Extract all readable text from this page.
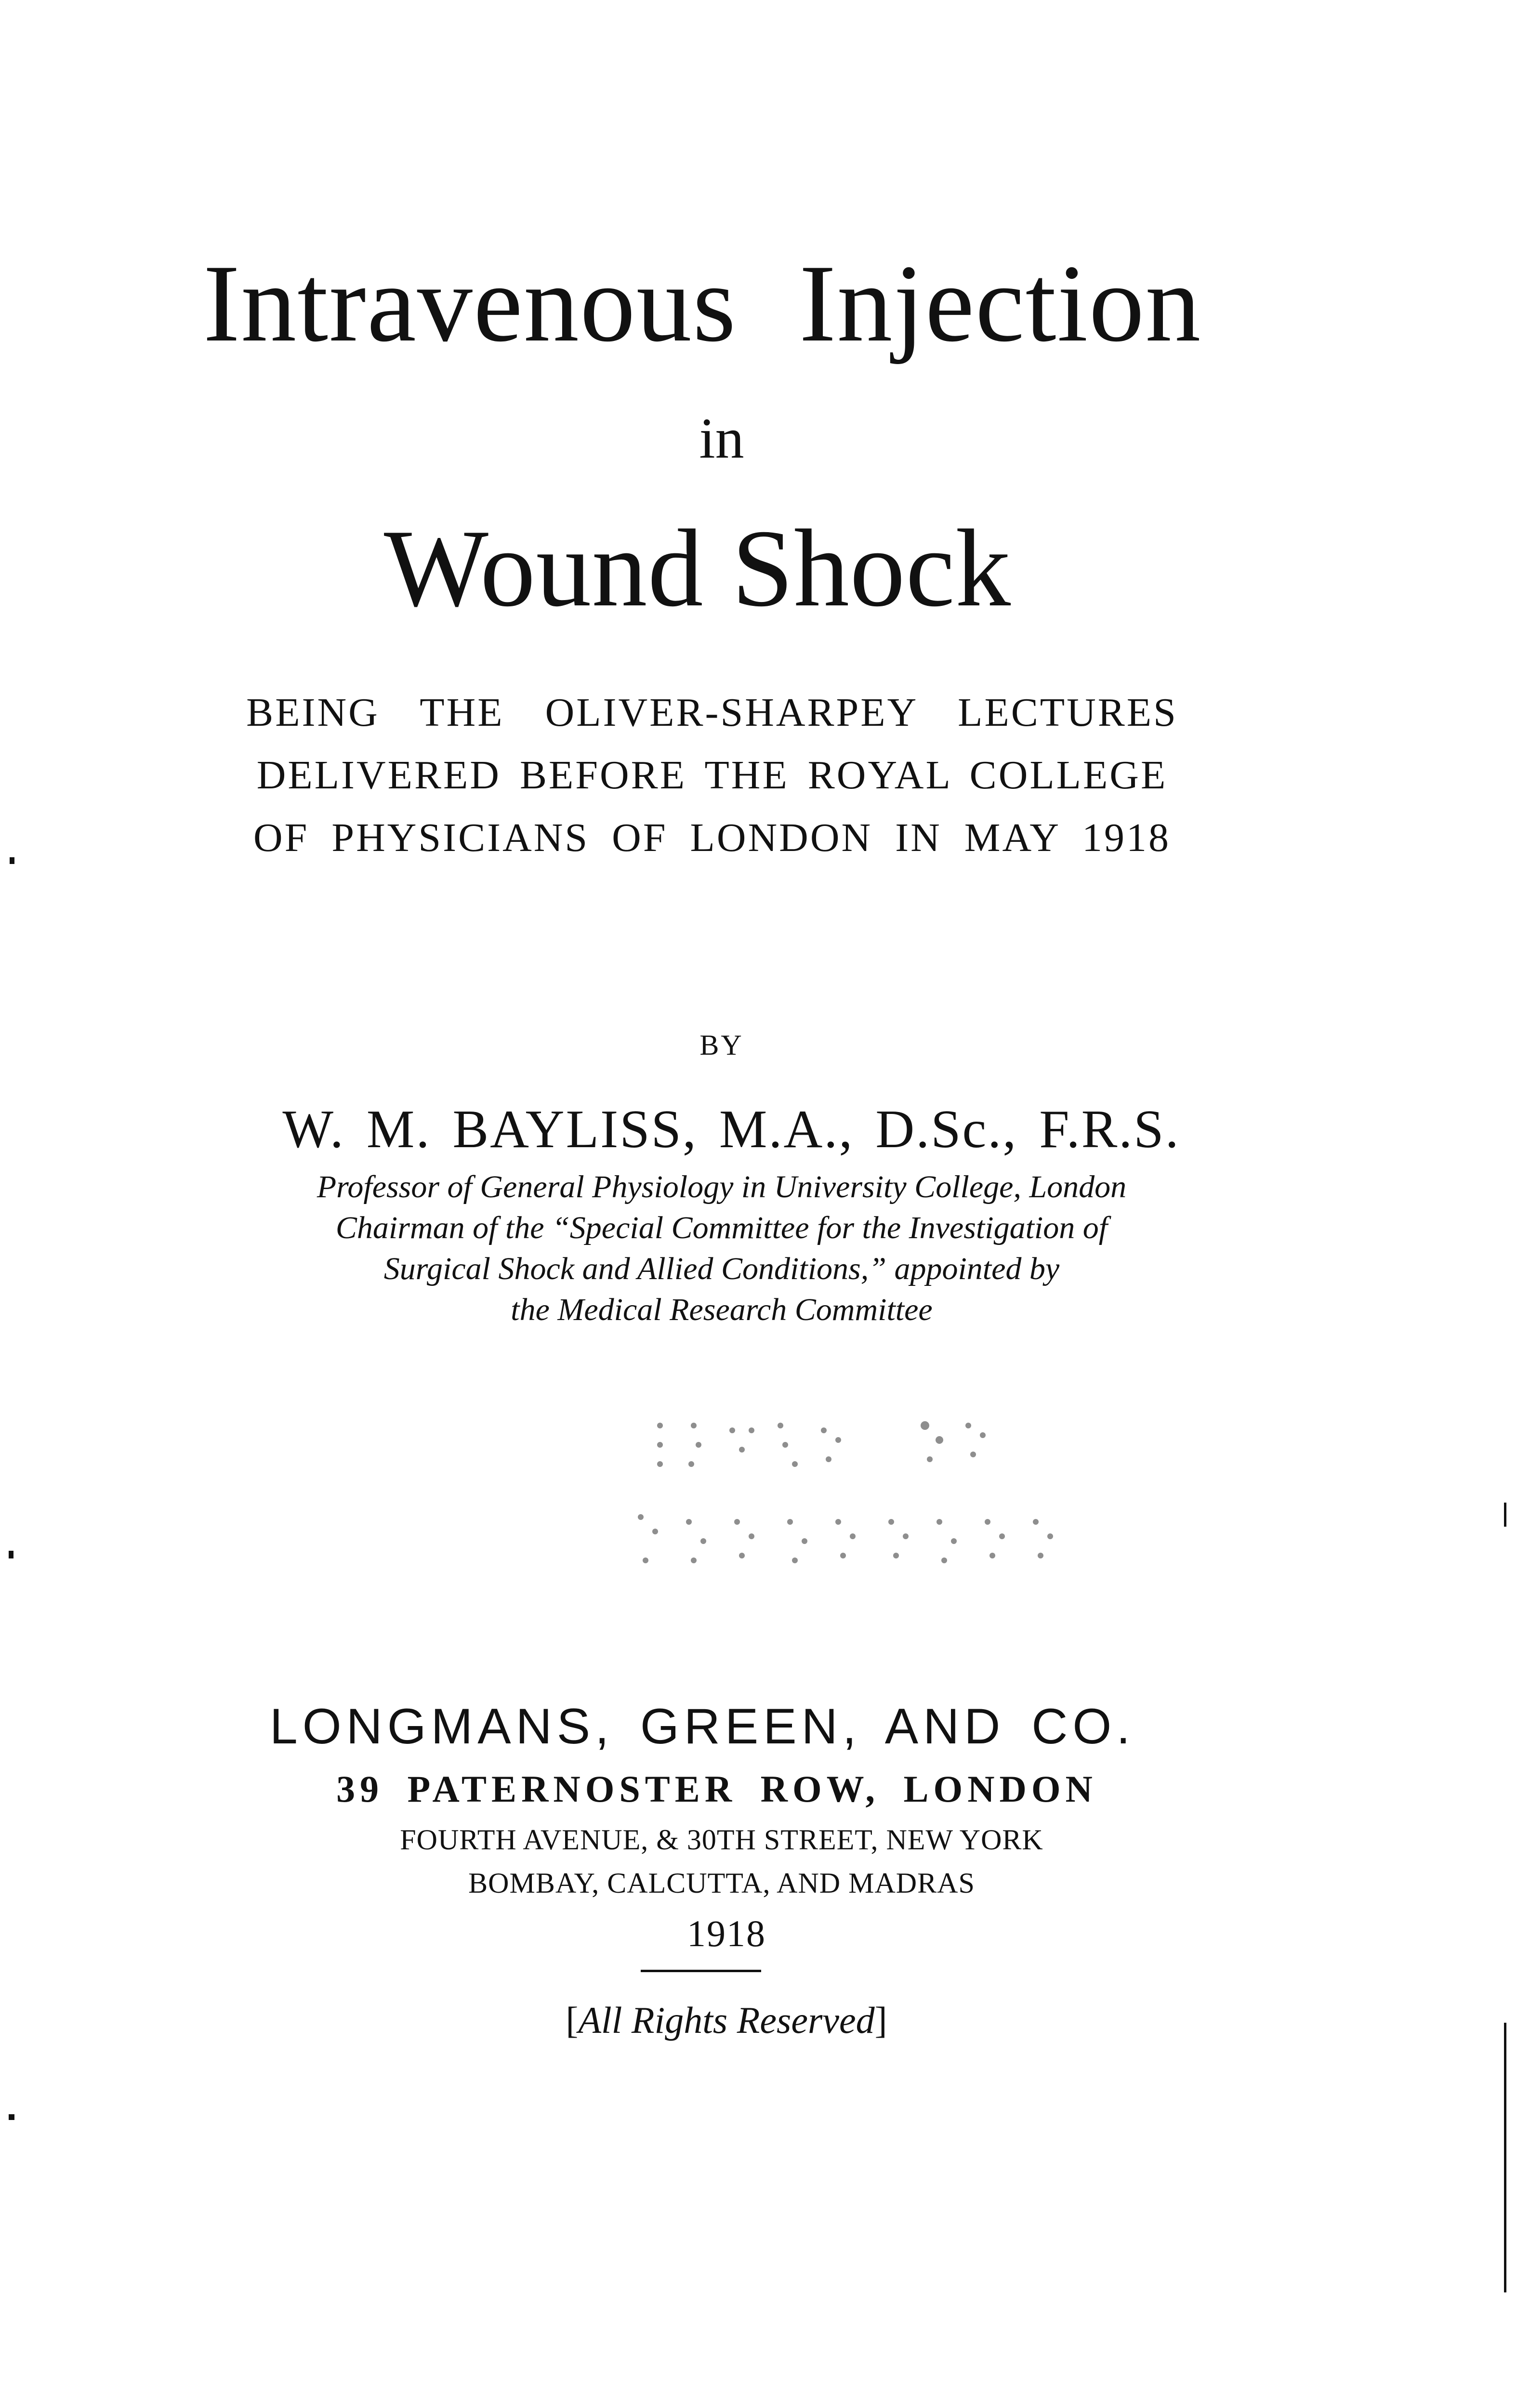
Intravenous Injection
in
Wound Shock
BEING THE OLIVER-SHARPEY LECTURES
DELIVERED BEFORE THE ROYAL COLLEGE
OF PHYSICIANS OF LONDON IN MAY 1918
BY
W. M. BAYLISS, M.A., D.Sc., F.R.S.
Professor of General Physiology in University College, London
Chairman of the “Special Committee for the Investigation of
Surgical Shock and Allied Conditions,” appointed by
the Medical Research Committee
LONGMANS, GREEN, AND CO.
39 PATERNOSTER ROW, LONDON
FOURTH AVENUE, & 30TH STREET, NEW YORK
BOMBAY, CALCUTTA, AND MADRAS
1918
[All Rights Reserved]
